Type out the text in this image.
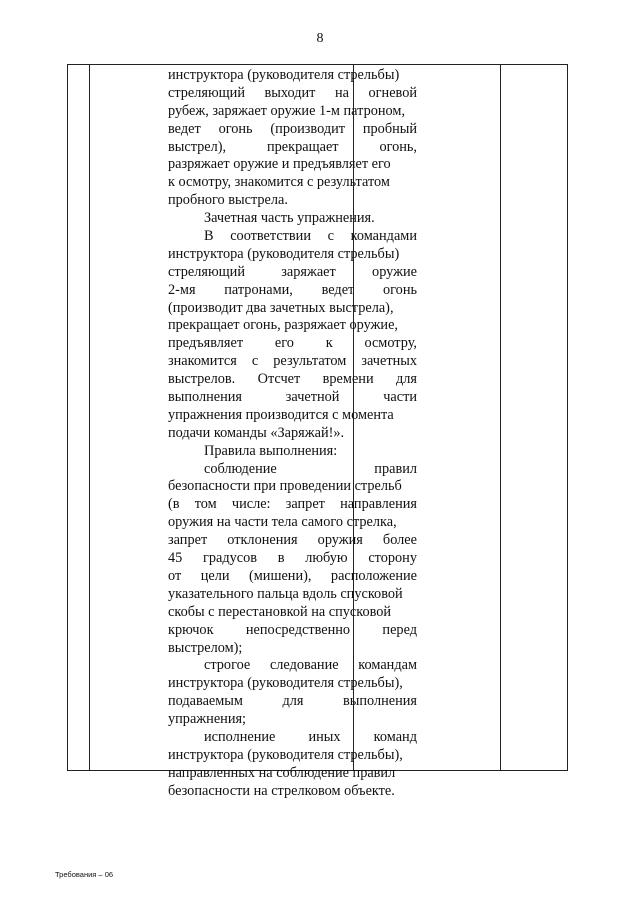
8
инструктора (руководителя стрельбы)
стреляющий выходит на огневой
рубеж, заряжает оружие 1-м патроном,
ведет огонь (производит пробный
выстрел), прекращает огонь,
разряжает оружие и предъявляет его
к осмотру, знакомится с результатом
пробного выстрела.
Зачетная часть упражнения.
В соответствии с командами
инструктора (руководителя стрельбы)
стреляющий заряжает оружие
2-мя патронами, ведет огонь
(производит два зачетных выстрела),
прекращает огонь, разряжает оружие,
предъявляет его к осмотру,
знакомится с результатом зачетных
выстрелов. Отсчет времени для
выполнения зачетной части
упражнения производится с момента
подачи команды «Заряжай!».
Правила выполнения:
соблюдение правил
безопасности при проведении стрельб
(в том числе: запрет направления
оружия на части тела самого стрелка,
запрет отклонения оружия более
45 градусов в любую сторону
от цели (мишени), расположение
указательного пальца вдоль спусковой
скобы с перестановкой на спусковой
крючок непосредственно перед
выстрелом);
строгое следование командам
инструктора (руководителя стрельбы),
подаваемым для выполнения
упражнения;
исполнение иных команд
инструктора (руководителя стрельбы),
направленных на соблюдение правил
безопасности на стрелковом объекте.
Требования – 06
